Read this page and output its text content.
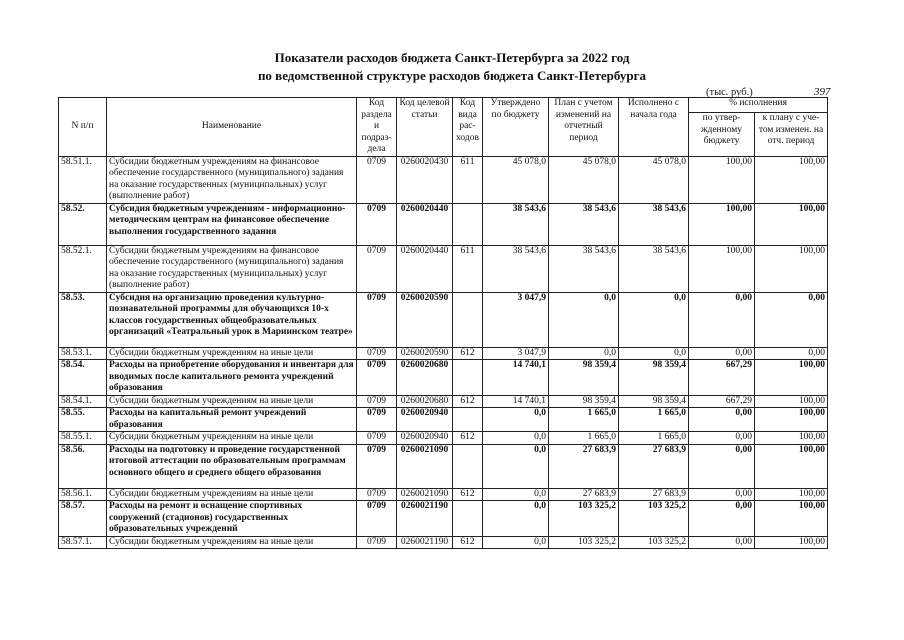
Показатели расходов бюджета Санкт-Петербурга за 2022 год
по ведомственной структуре расходов бюджета Санкт-Петербурга
(тыс. руб.)	397
N п/п	Наименование	Код раздела и подраз-дела	Код целевой статьи	Код вида рас-ходов	Утверждено по бюджету	План с учетом изменений на отчетный период	Исполнено с начала года	% исполнения	
								по утвер-жденному бюджету	к плану с уче-том изменен. на отч. период
58.51.1.	Субсидии бюджетным учреждениям на финансовое обеспечение государственного (муниципального) задания на оказание государственных (муниципальных) услуг (выполнение работ)	0709	0260020430	611	45 078,0	45 078,0	45 078,0	100,00	100,00
58.52.	Субсидия бюджетным учреждениям - информационно-методическим центрам на финансовое обеспечение выполнения государственного задания	0709	0260020440		38 543,6	38 543,6	38 543,6	100,00	100,00
58.52.1.	Субсидии бюджетным учреждениям на финансовое обеспечение государственного (муниципального) задания на оказание государственных (муниципальных) услуг (выполнение работ)	0709	0260020440	611	38 543,6	38 543,6	38 543,6	100,00	100,00
58.53.	Субсидия на организацию проведения культурно-познавательной программы для обучающихся 10-х классов государственных общеобразовательных организаций «Театральный урок в Мариинском театре»	0709	0260020590		3 047,9	0,0	0,0	0,00	0,00
58.53.1.	Субсидии бюджетным учреждениям на иные цели	0709	0260020590	612	3 047,9	0,0	0,0	0,00	0,00
58.54.	Расходы на приобретение оборудования и инвентаря для вводимых после капитального ремонта учреждений образования	0709	0260020680		14 740,1	98 359,4	98 359,4	667,29	100,00
58.54.1.	Субсидии бюджетным учреждениям на иные цели	0709	0260020680	612	14 740,1	98 359,4	98 359,4	667,29	100,00
58.55.	Расходы на капитальный ремонт учреждений образования	0709	0260020940		0,0	1 665,0	1 665,0	0,00	100,00
58.55.1.	Субсидии бюджетным учреждениям на иные цели	0709	0260020940	612	0,0	1 665,0	1 665,0	0,00	100,00
58.56.	Расходы на подготовку и проведение государственной итоговой аттестации по образовательным программам основного общего и среднего общего образования	0709	0260021090		0,0	27 683,9	27 683,9	0,00	100,00
58.56.1.	Субсидии бюджетным учреждениям на иные цели	0709	0260021090	612	0,0	27 683,9	27 683,9	0,00	100,00
58.57.	Расходы на ремонт и оснащение спортивных сооружений (стадионов) государственных образовательных учреждений	0709	0260021190		0,0	103 325,2	103 325,2	0,00	100,00
58.57.1.	Субсидии бюджетным учреждениям на иные цели	0709	0260021190	612	0,0	103 325,2	103 325,2	0,00	100,00
